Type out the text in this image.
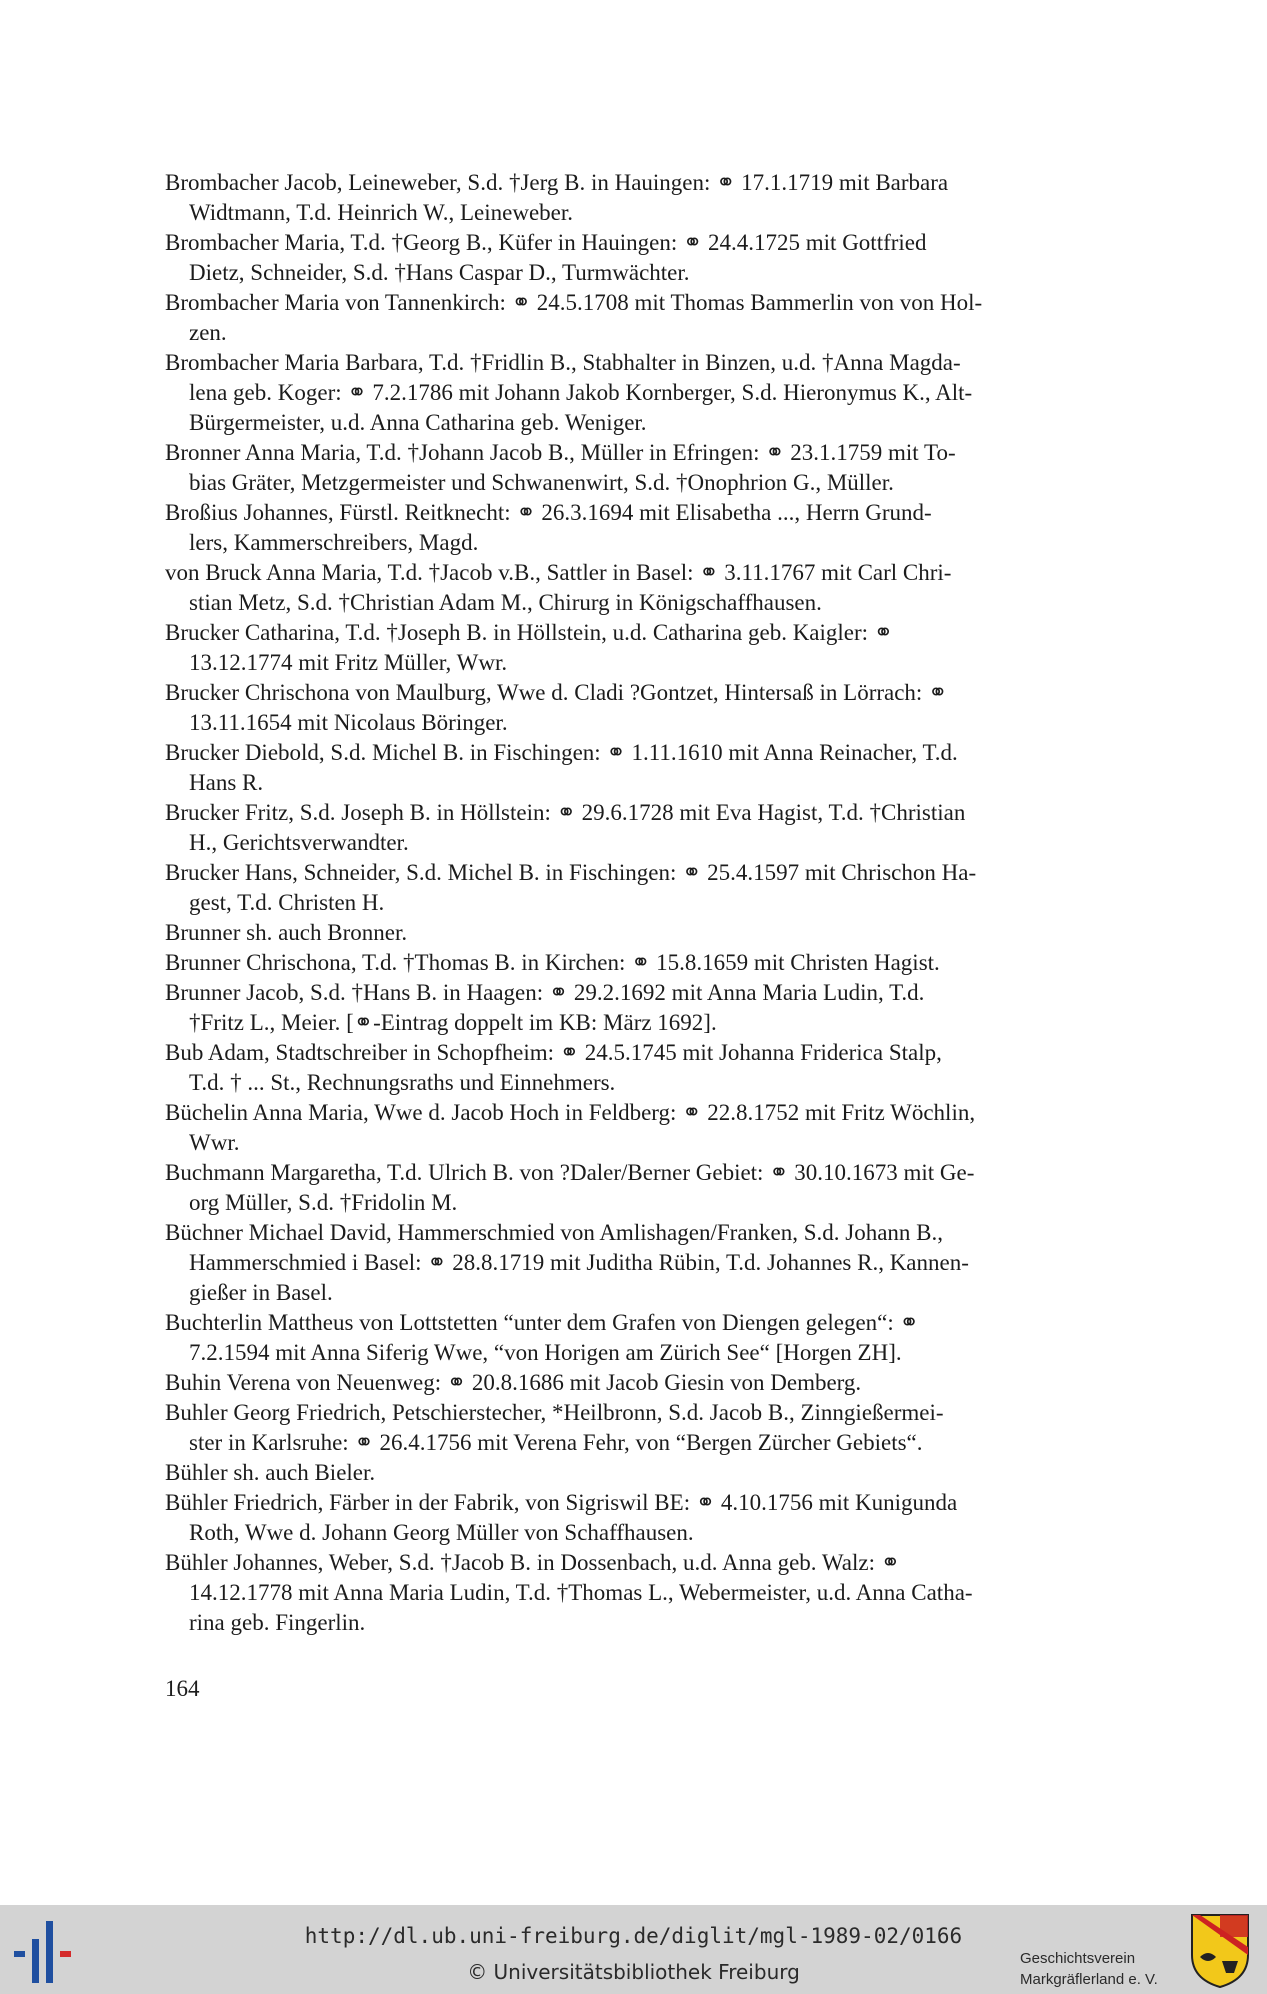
Brombacher Jacob, Leineweber, S.d. †Jerg B. in Hauingen: ⚭ 17.1.1719 mit Barbara
Widtmann, T.d. Heinrich W., Leineweber.

Brombacher Maria, T.d. †Georg B., Küfer in Hauingen: ⚭ 24.4.1725 mit Gottfried
Dietz, Schneider, S.d. †Hans Caspar D., Turmwächter.

Brombacher Maria von Tannenkirch: ⚭ 24.5.1708 mit Thomas Bammerlin von von Hol-
zen.

Brombacher Maria Barbara, T.d. †Fridlin B., Stabhalter in Binzen, u.d. †Anna Magda-
lena geb. Koger: ⚭ 7.2.1786 mit Johann Jakob Kornberger, S.d. Hieronymus K., Alt-
Bürgermeister, u.d. Anna Catharina geb. Weniger.

Bronner Anna Maria, T.d. †Johann Jacob B., Müller in Efringen: ⚭ 23.1.1759 mit To-
bias Gräter, Metzgermeister und Schwanenwirt, S.d. †Onophrion G., Müller.

Broßius Johannes, Fürstl. Reitknecht: ⚭ 26.3.1694 mit Elisabetha ..., Herrn Grund-
lers, Kammerschreibers, Magd.

von Bruck Anna Maria, T.d. †Jacob v.B., Sattler in Basel: ⚭ 3.11.1767 mit Carl Chri-
stian Metz, S.d. †Christian Adam M., Chirurg in Königschaffhausen.

Brucker Catharina, T.d. †Joseph B. in Höllstein, u.d. Catharina geb. Kaigler: ⚭
13.12.1774 mit Fritz Müller, Wwr.

Brucker Chrischona von Maulburg, Wwe d. Cladi ?Gontzet, Hintersaß in Lörrach: ⚭
13.11.1654 mit Nicolaus Böringer.

Brucker Diebold, S.d. Michel B. in Fischingen: ⚭ 1.11.1610 mit Anna Reinacher, T.d.
Hans R.

Brucker Fritz, S.d. Joseph B. in Höllstein: ⚭ 29.6.1728 mit Eva Hagist, T.d. †Christian
H., Gerichtsverwandter.

Brucker Hans, Schneider, S.d. Michel B. in Fischingen: ⚭ 25.4.1597 mit Chrischon Ha-
gest, T.d. Christen H.

Brunner sh. auch Bronner.

Brunner Chrischona, T.d. †Thomas B. in Kirchen: ⚭ 15.8.1659 mit Christen Hagist.

Brunner Jacob, S.d. †Hans B. in Haagen: ⚭ 29.2.1692 mit Anna Maria Ludin, T.d.
†Fritz L., Meier. [⚭-Eintrag doppelt im KB: März 1692].

Bub Adam, Stadtschreiber in Schopfheim: ⚭ 24.5.1745 mit Johanna Friderica Stalp,
T.d. † ... St., Rechnungsraths und Einnehmers.

Büchelin Anna Maria, Wwe d. Jacob Hoch in Feldberg: ⚭ 22.8.1752 mit Fritz Wöchlin,
Wwr.

Buchmann Margaretha, T.d. Ulrich B. von ?Daler/Berner Gebiet: ⚭ 30.10.1673 mit Ge-
org Müller, S.d. †Fridolin M.

Büchner Michael David, Hammerschmied von Amlishagen/Franken, S.d. Johann B.,
Hammerschmied i Basel: ⚭ 28.8.1719 mit Juditha Rübin, T.d. Johannes R., Kannen-
gießer in Basel.

Buchterlin Mattheus von Lottstetten “unter dem Grafen von Diengen gelegen“: ⚭
7.2.1594 mit Anna Siferig Wwe, “von Horigen am Zürich See“ [Horgen ZH].

Buhin Verena von Neuenweg: ⚭ 20.8.1686 mit Jacob Giesin von Demberg.

Buhler Georg Friedrich, Petschierstecher, *Heilbronn, S.d. Jacob B., Zinngießermei-
ster in Karlsruhe: ⚭ 26.4.1756 mit Verena Fehr, von “Bergen Zürcher Gebiets“.

Bühler sh. auch Bieler.

Bühler Friedrich, Färber in der Fabrik, von Sigriswil BE: ⚭ 4.10.1756 mit Kunigunda
Roth, Wwe d. Johann Georg Müller von Schaffhausen.

Bühler Johannes, Weber, S.d. †Jacob B. in Dossenbach, u.d. Anna geb. Walz: ⚭
14.12.1778 mit Anna Maria Ludin, T.d. †Thomas L., Webermeister, u.d. Anna Catha-
rina geb. Fingerlin.

164
http://dl.ub.uni-freiburg.de/diglit/mgl-1989-02/0166
© Universitätsbibliothek Freiburg
Geschichtsverein
Markgräflerland e. V.
